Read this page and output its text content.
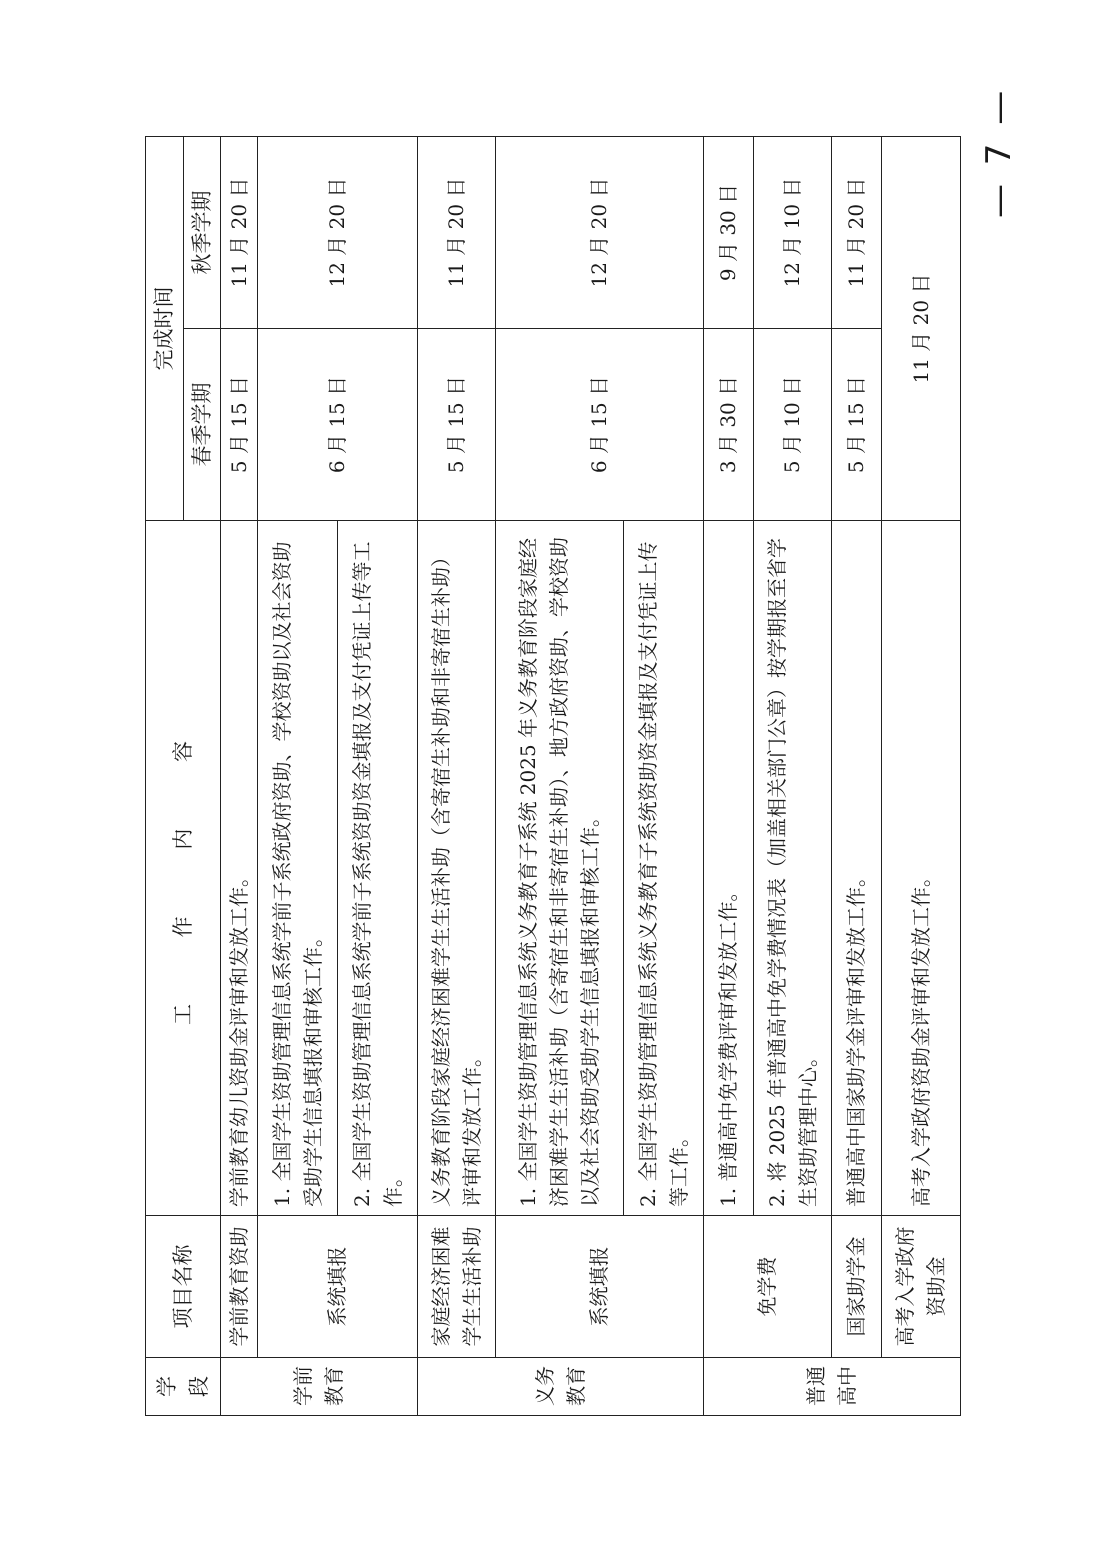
学段	项目名称	工 作 内 容	完成时间	
			春季学期	秋季学期

学前教育	学前教育资助	学前教育幼儿资助金评审和发放工作。	5 月 15 日	11 月 20 日
	系统填报	1. 全国学生资助管理信息系统学前子系统政府资助、学校资助以及社会资助受助学生信息填报和审核工作。	6 月 15 日	12 月 20 日
		2. 全国学生资助管理信息系统学前子系统资助资金填报及支付凭证上传等工作。		

义务教育	家庭经济困难学生生活补助	义务教育阶段家庭经济困难学生生活补助（含寄宿生补助和非寄宿生补助）评审和发放工作。	5 月 15 日	11 月 20 日
	系统填报	1. 全国学生资助管理信息系统义务教育子系统 2025 年义务教育阶段家庭经济困难学生生活补助（含寄宿生和非寄宿生补助）、地方政府资助、学校资助以及社会资助受助学生信息填报和审核工作。	6 月 15 日	12 月 20 日
		2. 全国学生资助管理信息系统义务教育子系统资助资金填报及支付凭证上传等工作。		

普通高中	免学费	1. 普通高中免学费评审和发放工作。	3 月 30 日	9 月 30 日
		2. 将 2025 年普通高中免学费情况表（加盖相关部门公章）按学期报至省学生资助管理中心。	5 月 10 日	12 月 10 日
	国家助学金	普通高中国家助学金评审和发放工作。	5 月 15 日	11 月 20 日
	高考入学政府资助金	高考入学政府资助金评审和发放工作。	11 月 20 日	
— 7 —
